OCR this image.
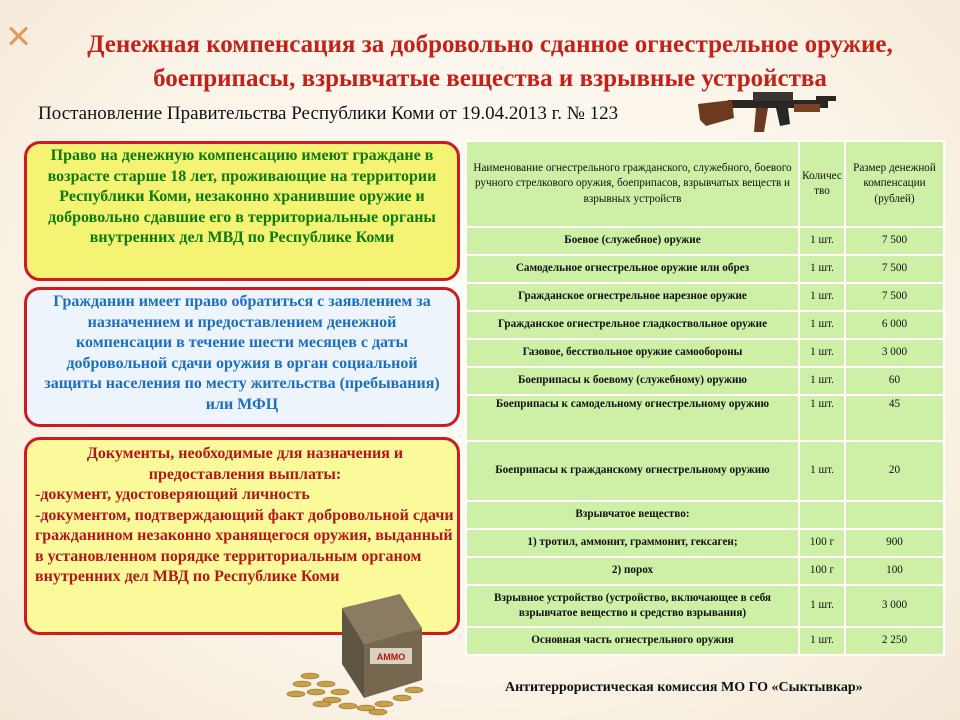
Денежная компенсация за добровольно сданное огнестрельное оружие, боеприпасы, взрывчатые вещества и взрывные устройства
Постановление Правительства Республики Коми от 19.04.2013 г. № 123
Право на денежную компенсацию имеют граждане в возрасте старше 18 лет, проживающие на территории Республики Коми, незаконно хранившие оружие и добровольно сдавшие его в территориальные органы внутренних дел МВД по Республике Коми
Гражданин имеет право обратиться с заявлением за назначением и предоставлением денежной компенсации в течение шести месяцев с даты добровольной сдачи оружия в орган социальной защиты населения по месту жительства (пребывания) или МФЦ
Документы, необходимые для назначения и предоставления выплаты:
-документ, удостоверяющий личность
-документом, подтверждающий факт добровольной сдачи гражданином незаконно хранящегося оружия, выданный в установленном порядке территориальным органом внутренних дел МВД по Республике Коми
Наименование огнестрельного гражданского, служебного, боевого ручного стрелкового оружия, боеприпасов, взрывчатых веществ и взрывных устройств	Количество	Размер денежной компенсации (рублей)
Боевое (служебное) оружие	1 шт.	7 500
Самодельное огнестрельное оружие или обрез	1 шт.	7 500
Гражданское огнестрельное нарезное оружие	1 шт.	7 500
Гражданское огнестрельное гладкоствольное оружие	1 шт.	6 000
Газовое, бесствольное оружие самообороны	1 шт.	3 000
Боеприпасы к боевому (служебному) оружию	1 шт.	60
Боеприпасы к самодельному огнестрельному оружию	1 шт.	45
Боеприпасы к гражданскому огнестрельному оружию	1 шт.	20
Взрывчатое вещество:		
1) тротил, аммонит, граммонит, гексаген;	100 г	900
2) порох	100 г	100
Взрывное устройство (устройство, включающее в себя взрывчатое вещество и средство взрывания)	1 шт.	3 000
Основная часть огнестрельного оружия	1 шт.	2 250
AMMO
Антитеррористическая комиссия МО ГО «Сыктывкар»
